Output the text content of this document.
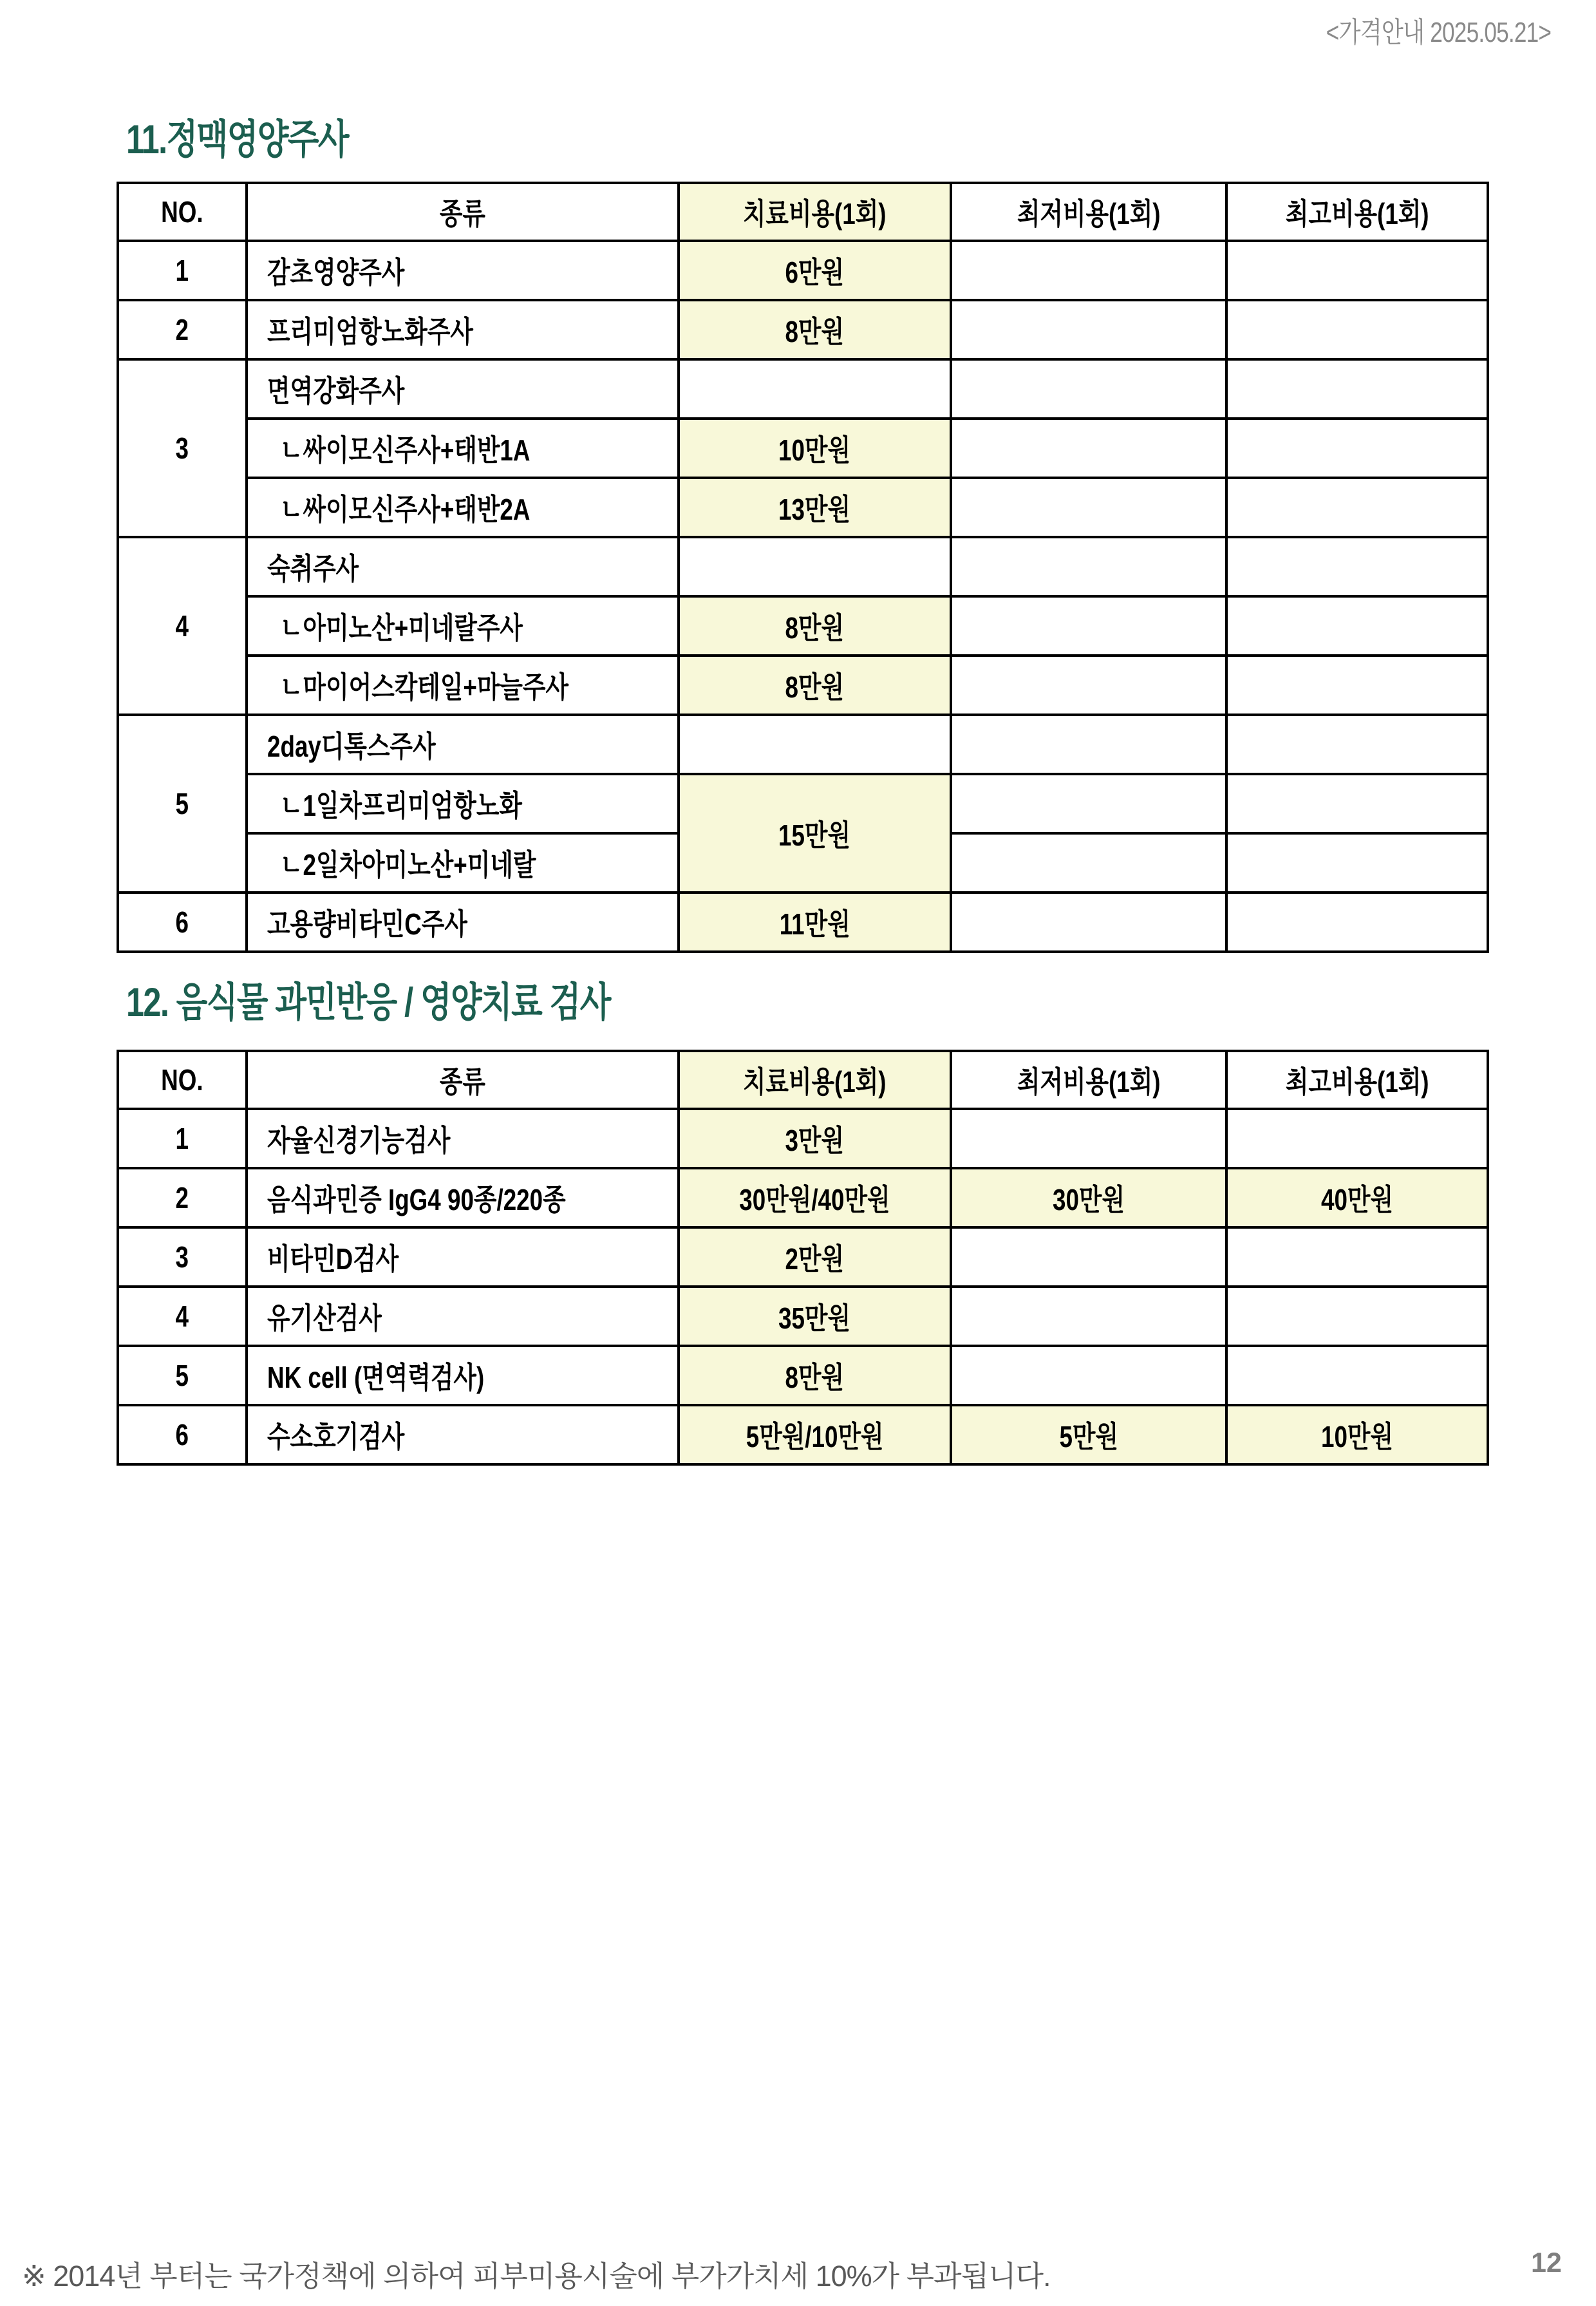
<가격안내 2025.05.21>
11.정맥영양주사
NO.	종류	치료비용(1회)	최저비용(1회)	최고비용(1회)
1	감초영양주사	6만원		
2	프리미엄항노화주사	8만원		
3	면역강화주사			
	ㄴ싸이모신주사+태반1A	10만원		
	ㄴ싸이모신주사+태반2A	13만원		
4	숙취주사			
	ㄴ아미노산+미네랄주사	8만원		
	ㄴ마이어스칵테일+마늘주사	8만원		
5	2day디톡스주사			
	ㄴ1일차프리미엄항노화	15만원		
	ㄴ2일차아미노산+미네랄			
6	고용량비타민C주사	11만원		
12. 음식물 과민반응 / 영양치료 검사
NO.	종류	치료비용(1회)	최저비용(1회)	최고비용(1회)
1	자율신경기능검사	3만원		
2	음식과민증 IgG4 90종/220종	30만원/40만원	30만원	40만원
3	비타민D검사	2만원		
4	유기산검사	35만원		
5	NK cell (면역력검사)	8만원		
6	수소호기검사	5만원/10만원	5만원	10만원
※ 2014년 부터는 국가정책에 의하여 피부미용시술에 부가가치세 10%가 부과됩니다.	12
